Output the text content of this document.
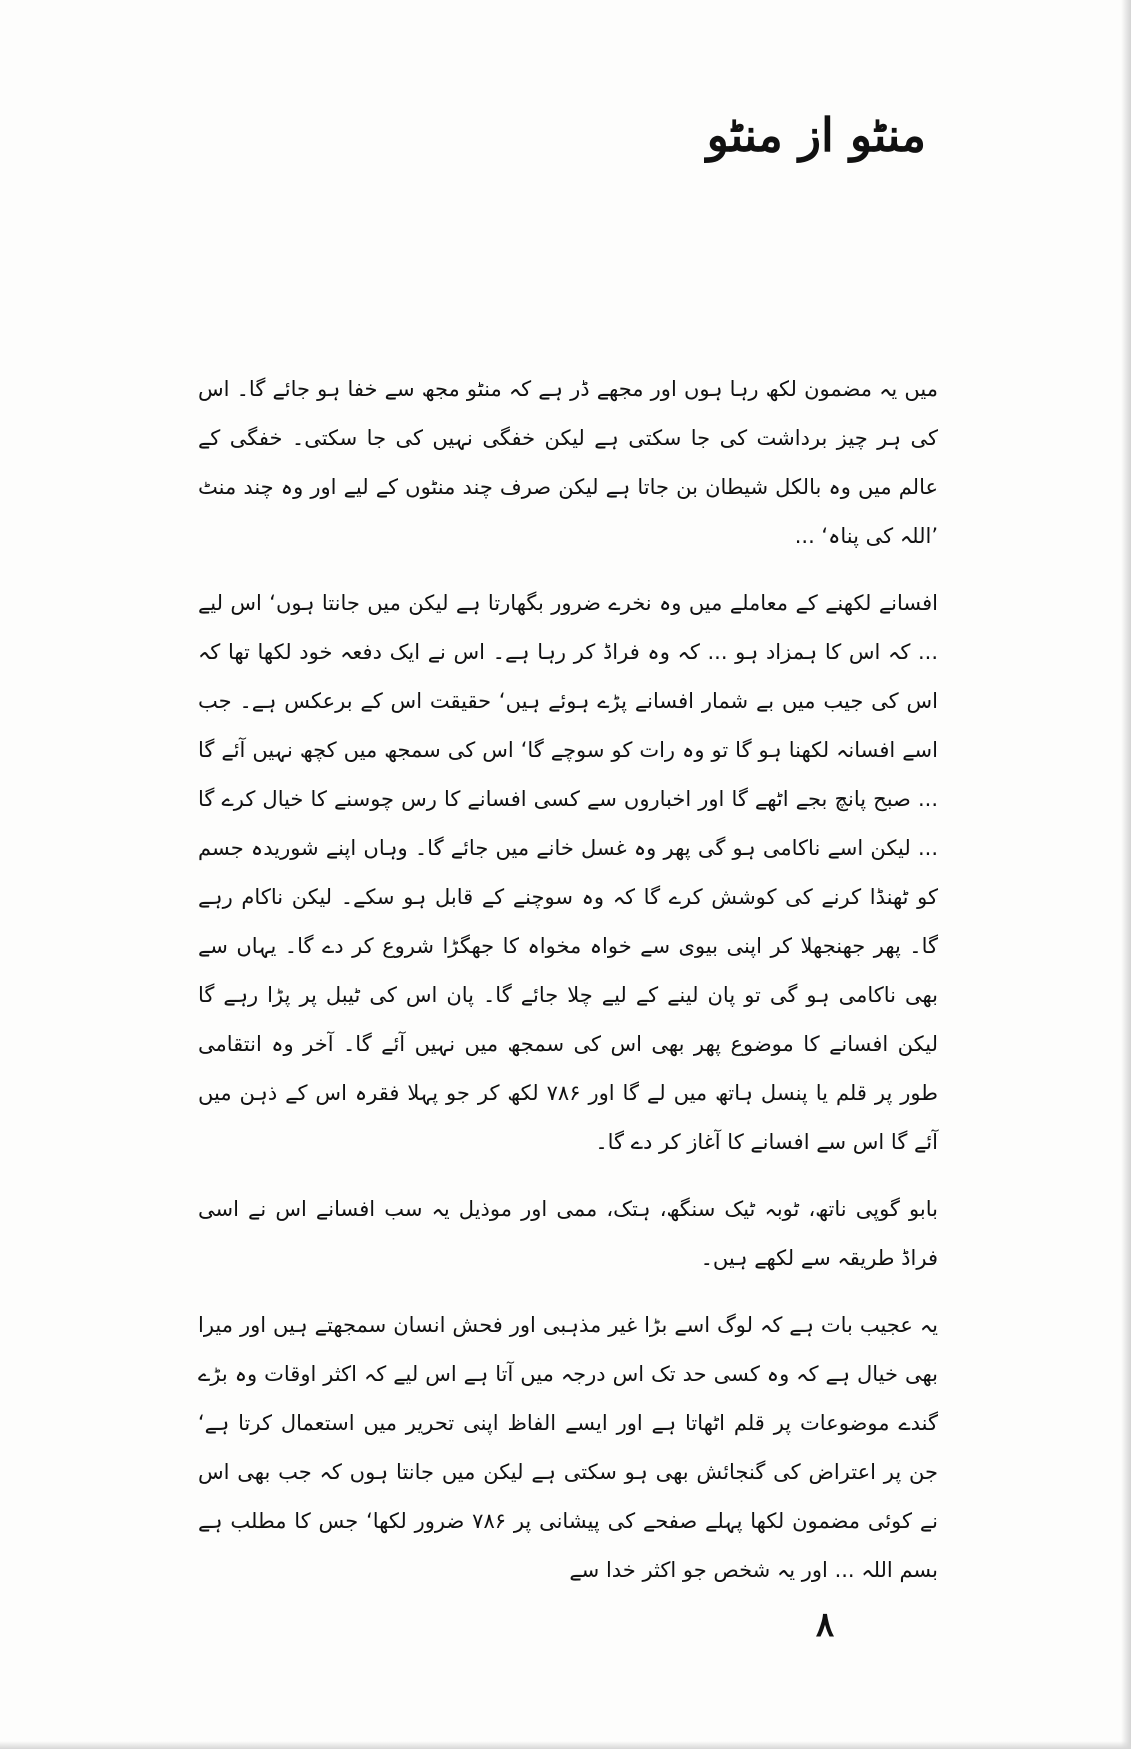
منٹو از منٹو

میں یہ مضمون لکھ رہا ہوں اور مجھے ڈر ہے کہ منٹو مجھ سے خفا ہو جائے گا۔ اس کی ہر چیز برداشت کی جا سکتی ہے لیکن خفگی نہیں کی جا سکتی۔ خفگی کے عالم میں وہ بالکل شیطان بن جاتا ہے لیکن صرف چند منٹوں کے لیے اور وہ چند منٹ ’اللہ کی پناہ‘ ...

افسانے لکھنے کے معاملے میں وہ نخرے ضرور بگھارتا ہے لیکن میں جانتا ہوں‘ اس لیے ... کہ اس کا ہمزاد ہو ... کہ وہ فراڈ کر رہا ہے۔ اس نے ایک دفعہ خود لکھا تھا کہ اس کی جیب میں بے شمار افسانے پڑے ہوئے ہیں‘ حقیقت اس کے برعکس ہے۔ جب اسے افسانہ لکھنا ہو گا تو وہ رات کو سوچے گا‘ اس کی سمجھ میں کچھ نہیں آئے گا ... صبح پانچ بجے اٹھے گا اور اخباروں سے کسی افسانے کا رس چوسنے کا خیال کرے گا ... لیکن اسے ناکامی ہو گی پھر وہ غسل خانے میں جائے گا۔ وہاں اپنے شوریدہ جسم کو ٹھنڈا کرنے کی کوشش کرے گا کہ وہ سوچنے کے قابل ہو سکے۔ لیکن ناکام رہے گا۔ پھر جھنجھلا کر اپنی بیوی سے خواہ مخواہ کا جھگڑا شروع کر دے گا۔ یہاں سے بھی ناکامی ہو گی تو پان لینے کے لیے چلا جائے گا۔ پان اس کی ٹیبل پر پڑا رہے گا لیکن افسانے کا موضوع پھر بھی اس کی سمجھ میں نہیں آئے گا۔ آخر وہ انتقامی طور پر قلم یا پنسل ہاتھ میں لے گا اور ۷۸۶ لکھ کر جو پہلا فقرہ اس کے ذہن میں آئے گا اس سے افسانے کا آغاز کر دے گا۔

بابو گوپی ناتھ، ٹوبہ ٹیک سنگھ، ہتک، ممی اور موذیل یہ سب افسانے اس نے اسی فراڈ طریقہ سے لکھے ہیں۔

یہ عجیب بات ہے کہ لوگ اسے بڑا غیر مذہبی اور فحش انسان سمجھتے ہیں اور میرا بھی خیال ہے کہ وہ کسی حد تک اس درجہ میں آتا ہے اس لیے کہ اکثر اوقات وہ بڑے گندے موضوعات پر قلم اٹھاتا ہے اور ایسے الفاظ اپنی تحریر میں استعمال کرتا ہے‘ جن پر اعتراض کی گنجائش بھی ہو سکتی ہے لیکن میں جانتا ہوں کہ جب بھی اس نے کوئی مضمون لکھا پہلے صفحے کی پیشانی پر ۷۸۶ ضرور لکھا‘ جس کا مطلب ہے بسم اللہ ... اور یہ شخص جو اکثر خدا سے

۸
